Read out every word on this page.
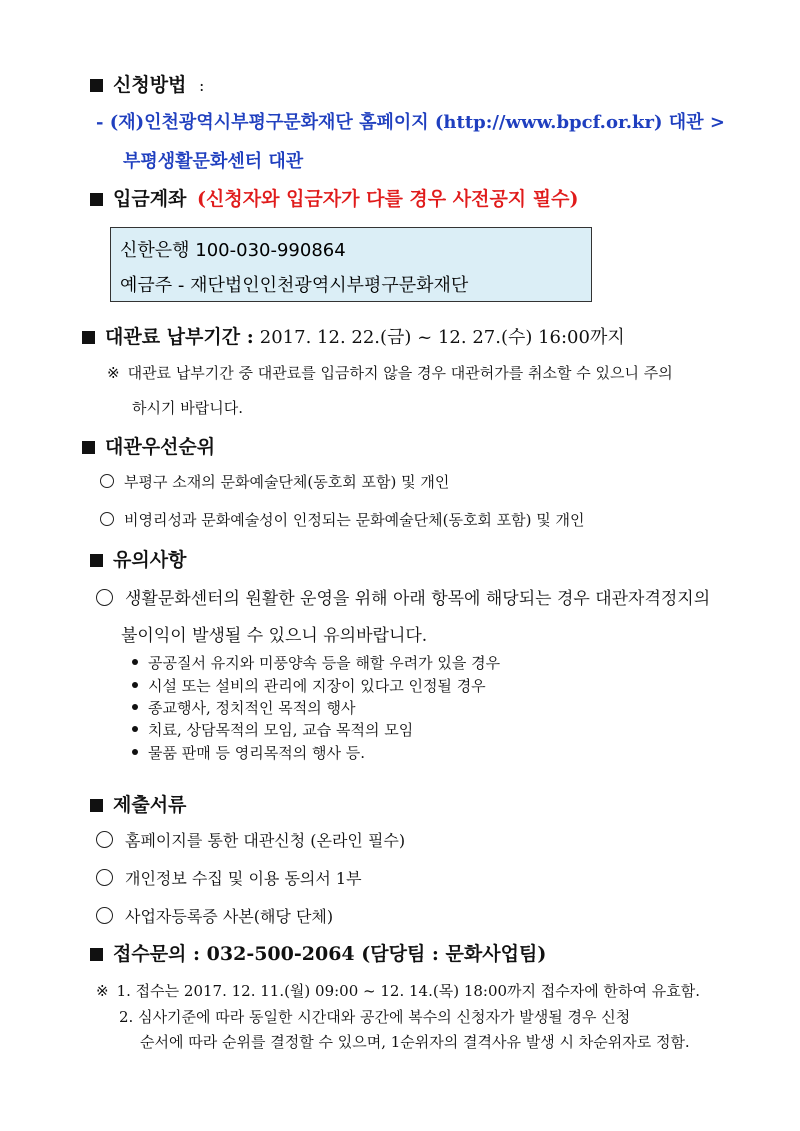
신청방법 :
- (재)인천광역시부평구문화재단 홈페이지 (http://www.bpcf.or.kr) 대관 >
부평생활문화센터 대관
입금계좌 (신청자와 입금자가 다를 경우 사전공지 필수)
신한은행 100-030-990864
예금주 - 재단법인인천광역시부평구문화재단
대관료 납부기간 : 2017. 12. 22.(금) ~ 12. 27.(수) 16:00까지
※ 대관료 납부기간 중 대관료를 입금하지 않을 경우 대관허가를 취소할 수 있으니 주의
하시기 바랍니다.
대관우선순위
부평구 소재의 문화예술단체(동호회 포함) 및 개인
비영리성과 문화예술성이 인정되는 문화예술단체(동호회 포함) 및 개인
유의사항
생활문화센터의 원활한 운영을 위해 아래 항목에 해당되는 경우 대관자격정지의
불이익이 발생될 수 있으니 유의바랍니다.
공공질서 유지와 미풍양속 등을 해할 우려가 있을 경우
시설 또는 설비의 관리에 지장이 있다고 인정될 경우
종교행사, 정치적인 목적의 행사
치료, 상담목적의 모임, 교습 목적의 모임
물품 판매 등 영리목적의 행사 등.
제출서류
홈페이지를 통한 대관신청 (온라인 필수)
개인정보 수집 및 이용 동의서 1부
사업자등록증 사본(해당 단체)
접수문의 : 032-500-2064 (담당팀 : 문화사업팀)
※ 1. 접수는 2017. 12. 11.(월) 09:00 ~ 12. 14.(목) 18:00까지 접수자에 한하여 유효함.
2. 심사기준에 따라 동일한 시간대와 공간에 복수의 신청자가 발생될 경우 신청
순서에 따라 순위를 결정할 수 있으며, 1순위자의 결격사유 발생 시 차순위자로 정함.
